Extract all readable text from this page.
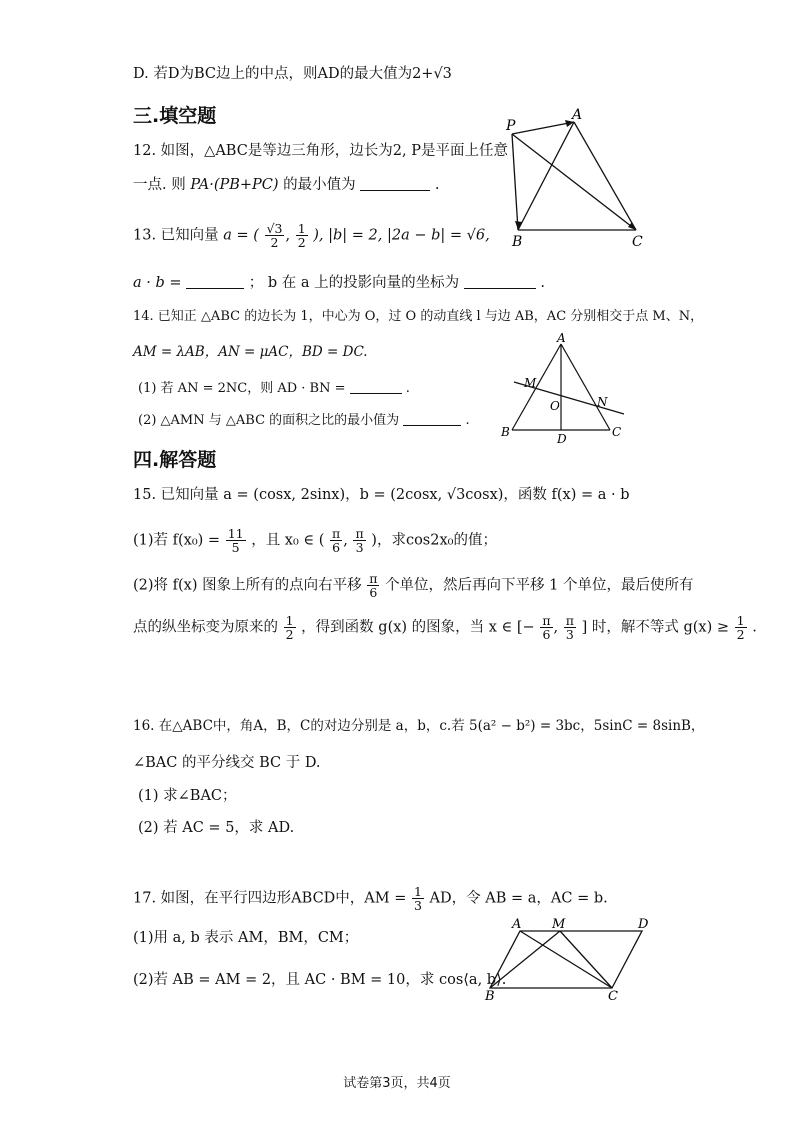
D. 若D为BC边上的中点，则AD的最大值为2+√3
三.填空题
12. 如图，△ABC是等边三角形，边长为2, P是平面上任意
一点. 则 PA·(PB+PC) 的最小值为	.
P
A
B	C
13. 已知向量 a = ( $\frac{√3}{2}$ , $\frac{1}{2}$ ), |b| = 2, |2a − b| = √6,
a · b =	； b 在 a 上的投影向量的坐标为	.
14. 已知正 △ABC 的边长为 1，中心为 O，过 O 的动直线 l 与边 AB，AC 分别相交于点 M、N，
AM = λAB，AN = μAC，BD = DC.
(1) 若 AN = 2NC，则 AD · BN =	.
(2) △AMN 与 △ABC 的面积之比的最小值为	.
A
M
O	N
B	D	C
四.解答题
15. 已知向量 a = (cosx, 2sinx)，b = (2cosx, √3cosx)，函数 f(x) = a · b
(1)若 $f(x_0) = \frac{11}{5}$ ，且 x₀ ∈ ( $\frac{\pi}{6}$ , $\frac{\pi}{3}$ )，求cos2x₀的值；
(2)将 f(x) 图象上所有的点向右平移 $\frac{\pi}{6}$ 个单位，然后再向下平移 1 个单位，最后使所有
点的纵坐标变为原来的 $\frac{1}{2}$ ，得到函数 g(x) 的图象，当 x ∈ [− $\frac{\pi}{6}$ , $\frac{\pi}{3}$ ] 时，解不等式 $g(x) \ge \frac{1}{2}$ .
16. 在△ABC中，角A，B，C的对边分别是 a，b，c.若 5(a² − b²) = 3bc，5sinC = 8sinB，
∠BAC 的平分线交 BC 于 D.
(1) 求∠BAC；
(2) 若 AC = 5，求 AD.
17. 如图，在平行四边形ABCD中，AM = $\frac{1}{3}$ AD，令 AB = a，AC = b.
(1)用 a, b 表示 AM，BM，CM；
(2)若 AB = AM = 2，且 AC · BM = 10，求 cos⟨a, b⟩.
A M	D
B	C
试卷第3页，共4页
